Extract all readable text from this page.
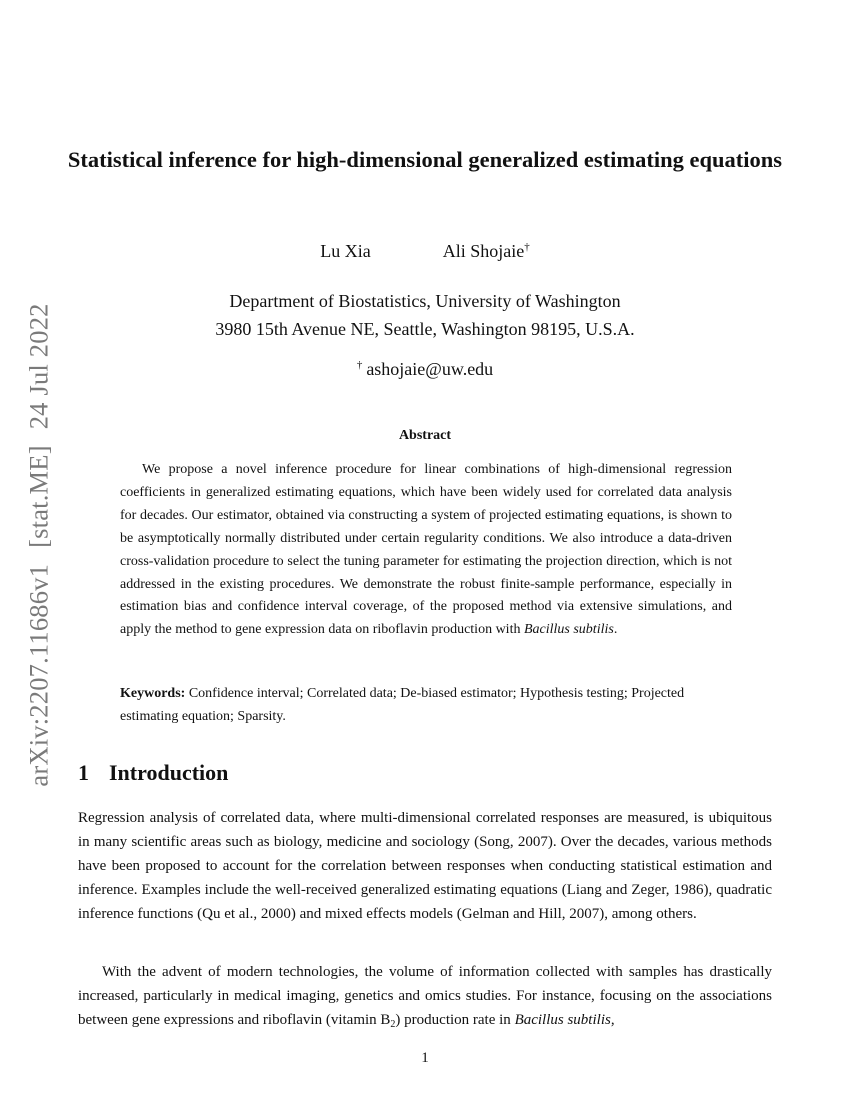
arXiv:2207.11686v1[stat.ME]24 Jul 2022
Statistical inference for high-dimensional generalized estimating equations
Lu Xia	Ali Shojaie†
Department of Biostatistics, University of Washington
3980 15th Avenue NE, Seattle, Washington 98195, U.S.A.
† ashojaie@uw.edu
Abstract

We propose a novel inference procedure for linear combinations of high-dimensional regression coefficients in generalized estimating equations, which have been widely used for correlated data analysis for decades. Our estimator, obtained via constructing a system of projected estimating equations, is shown to be asymptotically normally distributed under certain regularity conditions. We also introduce a data-driven cross-validation procedure to select the tuning parameter for estimating the projection direction, which is not addressed in the existing procedures. We demonstrate the robust finite-sample performance, especially in estimation bias and confidence interval coverage, of the proposed method via extensive simulations, and apply the method to gene expression data on riboflavin production with Bacillus subtilis.

Keywords: Confidence interval; Correlated data; De-biased estimator; Hypothesis testing; Projected estimating equation; Sparsity.

1 Introduction

Regression analysis of correlated data, where multi-dimensional correlated responses are measured, is ubiquitous in many scientific areas such as biology, medicine and sociology (Song, 2007). Over the decades, various methods have been proposed to account for the correlation between responses when conducting statistical estimation and inference. Examples include the well-received generalized estimating equations (Liang and Zeger, 1986), quadratic inference functions (Qu et al., 2000) and mixed effects models (Gelman and Hill, 2007), among others.

With the advent of modern technologies, the volume of information collected with samples has drastically increased, particularly in medical imaging, genetics and omics studies. For instance, focusing on the associations between gene expressions and riboflavin (vitamin $B_2$) production rate in Bacillus subtilis,

1
